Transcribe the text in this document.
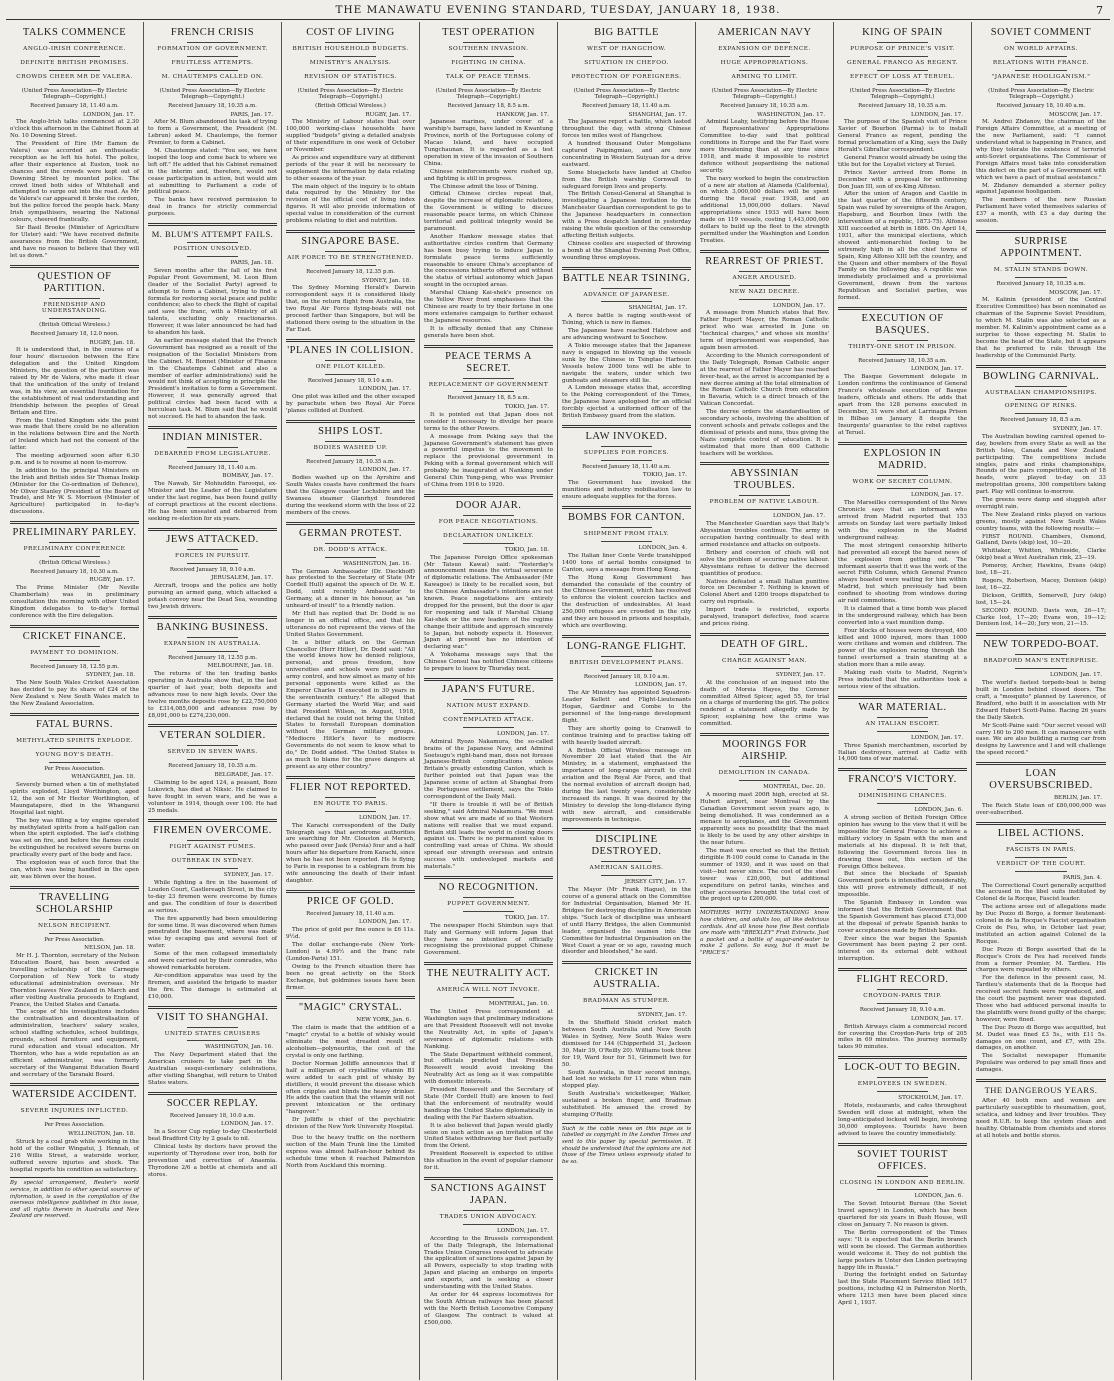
THE MANAWATU EVENING STANDARD, TUESDAY, JANUARY 18, 1938.	7
TALKS COMMENCE
ANGLO-IRISH CONFERENCE.
DEFINITE BRITISH PROMISES.
CROWDS CHEER MR DE VALERA.
(United Press Association—By Electric Telegraph—Copyright.)
Received January 18, 11.40 a.m.
LONDON, Jan. 17.

The Anglo-Irish talks commenced at 2.30 o'clock this afternoon in the Cabinet Room at No. 10 Downing Street.

The President of Eire (Mr Eamon de Valera) was accorded an enthusiastic reception as he left his hotel. The police, after their experience at Euston, took no chances and the crowds were kept out of Downing Street by mounted police. The crowd lined both sides of Whitehall and attempted to surge out into the road. As Mr de Valera's car appeared it broke the cordon, but the police forced the people back. Many Irish sympathisers, wearing the National colours, cheered frantically.

Sir Basil Brooke (Minister of Agriculture for Ulster) said: "We have received definite assurances from the British Government, and have no reason to believe that they will let us down."

QUESTION OF PARTITION.
FRIENDSHIP AND UNDERSTANDING.
(British Official Wireless.)
Received January 18, 12.0 noon.
RUGBY, Jan. 18.

It is understood that, in the course of a four hours' discussion between the Eire delegation and the United Kingdom Ministers, the question of the partition was raised by Mr de Valera, who made it clear that the unification of the unity of Ireland was, in his view, an essential foundation for the establishment of real understanding and friendship between the peoples of Great Britain and Eire.

From the United Kingdom side the point was made that there could be no alteration in the relations between Eire and the North of Ireland which had not the consent of the latter.

The meeting adjourned soon after 6.30 p.m. and is to resume at noon to-morrow.

In addition to the principal Ministers on the Irish and British sides Sir Thomas Inskip (Minister for the Co-ordination of Defence), Mr Oliver Stanley (President of the Board of Trade), and Mr W. S. Morrison (Minister of Agriculture) participated in to-day's discussions.

PRELIMINARY PARLEY.
PRELIMINARY CONFERENCE
(British Official Wireless.)
Received January 18, 10.30 a.m.
RUGBY, Jan. 17.

The Prime Minister (Mr Neville Chamberlain) was in preliminary consultation this morning with other United Kingdom delegates to to-day's formal conference with the Eire delegation.

CRICKET FINANCE.
PAYMENT TO DOMINION.
Received January 18, 12.55 p.m.
SYDNEY, Jan. 18.

The New South Wales Cricket Association has decided to pay its share of £24 of the New Zealand v. New South Wales match to the New Zealand Association.

FATAL BURNS.
METHYLATED SPIRITS EXPLODE.
YOUNG BOY'S DEATH.
Per Press Association.
WHANGAREI, Jan. 18.

Severely burned when a tin of methylated spirits exploded, Lloyd Worthington, aged 12, the son of Mr Hector Worthington, of Maungatapere, died in the Whangarei Hospital last night.

The boy was filling a toy engine operated by methylated spirits from a half-gallon can when the spirit exploded. The lad's clothing was set on fire, and before the flames could be extinguished he received severe burns on practically every part of the body and face.

The explosion was of such force that the can, which was being handled in the open air, was blown over the house.

TRAVELLING SCHOLARSHIP
NELSON RECIPIENT.
Per Press Association.
NELSON, Jan. 18.

Mr H. J. Thornton, secretary of the Nelson Education Board, has been awarded a travelling scholarship of the Carnegie Corporation of New York to study educational administration overseas. Mr Thornton leaves New Zealand in March and after visiting Australia proceeds to England, France, the United States and Canada.

The scope of his investigations includes the centralisation and decentralisation of administration, teachers' salary scales, school staffing schedules, school buildings, grounds, school furniture and equipment, rural education and visual education. Mr Thornton, who has a wide reputation as an efficient administrator, was formerly secretary of the Wanganui Education Board and secretary of the Taranaki Board.

WATERSIDE ACCIDENT.
SEVERE INJURIES INFLICTED.
Per Press Association.
WELLINGTON, Jan. 18.

Struck by a coal grab while working in the hold of the collier Wingatui, J. Hennah, of 216 Willis Street, a waterside worker, suffered severe injuries and shock. The hospital reports his condition as satisfactory.

By special arrangement, Reuter's world service, in addition to other special sources of information, is used in the compilation of the overseas intelligence published in this issue, and all rights therein in Australia and New Zealand are reserved.
FRENCH CRISIS
FORMATION OF GOVERNMENT.
FRUITLESS ATTEMPTS.
M. CHAUTEMPS CALLED ON.
(United Press Association—By Electric Telegraph—Copyright.)
Received January 18, 10.35 a.m.
PARIS, Jan. 17.

After M. Blum abandoned his task of trying to form a Government, the President (M. Lebrun) asked M. Chautemps, the former Premier, to form a Cabinet.

M. Chautemps stated: "You see, we have looped the loop and come back to where we left off." He added that his Cabinet remained in the interim and, therefore, would not cease participation in action, but would aim at submitting to Parliament a code of political peace.

The banks have received permission to deal in francs for strictly commercial purposes.

M. BLUM'S ATTEMPT FAILS.
POSITION UNSOLVED.
PARIS, Jan. 18.

Seven months after the fall of his first Popular Front Government, M. Leon Blum (leader of the Socialist Party) agreed to attempt to form a Cabinet, trying to find a formula for restoring social peace and public confidence; also to check the flight of capital and save the franc, with a Ministry of all talents, excluding only reactionaries. However, it was later announced he had had to abandon his task.

An earlier message stated that the French Government has resigned as a result of the resignation of the Socialist Ministers from the Cabinet. M. Bonnet (Minister of Finance in the Chautemps Cabinet and also a member of earlier administrations) said he would not think of accepting in principle the President's invitation to form a Government. However, it was generally agreed that political circles had been faced with a herculean task. M. Blum said that he would not succeed. He had to abandon the task.

INDIAN MINISTER.
DEBARRED FROM LEGISLATURE.
Received January 18, 11.40 a.m.
BOMBAY, Jan. 17.

The Nawab, Sir Mohiuddin Farooqui, ex-Minister and the Leader of the Legislature under the last regime, has been found guilty of corrupt practices at the recent elections. He has been unseated and debarred from seeking re-election for six years.

JEWS ATTACKED.
FORCES IN PURSUIT.
Received January 18, 9.10 a.m.
JERUSALEM, Jan. 17.

Aircraft, troops and the police are hotly pursuing an armed gang, which attacked a potash convoy near the Dead Sea, wounding two Jewish drivers.

BANKING BUSINESS.
EXPANSION IN AUSTRALIA.
Received January 18, 12.55 p.m.
MELBOURNE, Jan. 18.

The returns of the ten trading banks operating in Australia show that, in the last quarter of last year, both deposits and advances rose to new high levels. Over the twelve months deposits rose by £22,750,000 to £314,085,000 and advances rose by £8,091,000 to £274,230,000.

VETERAN SOLDIER.
SERVED IN SEVEN WARS.
Received January 18, 10.35 a.m.
BELGRADE, Jan. 17.

Claiming to be aged 124, a peasant, Bozo Lukovich, has died at Niksic. He claimed to have fought in seven wars, and he was a volunteer in 1914, though over 100. He had 25 medals.

FIREMEN OVERCOME.
FIGHT AGAINST FUMES.
OUTBREAK IN SYDNEY.
SYDNEY, Jan. 17.

While fighting a fire in the basement of Louden Court, Castlereagh Street, in the city to-day 23 firemen were overcome by fumes and gas. The condition of four is described as serious.

The fire apparently had been smouldering for some time. It was discovered when fumes penetrated the basement, where was made wise by escaping gas and several feet of water.

Some of the men collapsed immediately and were carried out by their comrades, who showed remarkable heroism.

Air-condition apparatus was used by the firemen, and assisted the brigade to master the fire. The damage is estimated at £10,000.

VISIT TO SHANGHAI.
UNITED STATES CRUISERS
WASHINGTON, Jan. 16.

The Navy Department stated that the American cruisers to take part in the Australian sesqui-centenary celebrations, after visiting Shanghai, will return to United States waters.

SOCCER REPLAY.
Received January 18, 10.0 a.m.
LONDON, Jan. 17.

In a Soccer Cup replay to-day Chesterfield beat Bradford City by 2 goals to nil.

Clinical tests by doctors have proved the superiority of Thyrodone over iron, both for prevention and correction of Anaemia. Thyrodone 2/6 a bottle at chemists and all stores.

COST OF LIVING
BRITISH HOUSEHOLD BUDGETS.
MINISTRY'S ANALYSIS.
REVISION OF STATISTICS.
(United Press Association—By Electric Telegraph—Copyright.)
(British Official Wireless.)
RUGBY, Jan. 17.

The Ministry of Labour states that over 100,000 working-class households have supplied "budgets" giving a detailed analysis of their expenditure in one week of October or November.

As prices and expenditure vary at different periods of the year it will be necessary to supplement the information by data relating to other seasons of the year.

The main object of the inquiry is to obtain data required by the Ministry for the revision of the official cost of living index figures. It will also provide information of special value in consideration of the current problems relating to diet and nutrition.

SINGAPORE BASE.
AIR FORCE TO BE STRENGTHENED.
Received January 18, 12.35 p.m.
SYDNEY, Jan. 18.

The Sydney Morning Herald's Darwin correspondent says it is considered likely that, on the return flight from Australia, the two Royal Air Force flying-boats will not proceed farther than Singapore, but will be stationed there owing to the situation in the Far East.

'PLANES IN COLLISION.
ONE PILOT KILLED.
Received January 18, 9.10 a.m.
LONDON, Jan. 17.

One pilot was killed and the other escaped by parachute when two Royal Air Force 'planes collided at Duxford.

SHIPS LOST.
BODIES WASHED UP.
Received January 18, 10.35 a.m.
LONDON, Jan. 17.

Bodies washed up on the Ayrshire and South Wales coasts have confirmed the fears that the Glasgow coaster Lochshire and the Swansea steamer Glanrhyd foundered during the weekend storm with the loss of 22 members of the crews.

GERMAN PROTEST.
DR. DODD'S ATTACK.
WASHINGTON, Jan. 16.

The German Ambassador (Dr. Dieckhoff) has protested to the Secretary of State (Mr Cordell Hull) against the speech of Dr. W. E. Dodd, until recently Ambassador to Germany, at a dinner in his honour, as "an unheard-of insult" to a friendly nation.

Mr Hull has replied that Dr. Dodd is no longer in an official office, and that his utterances do not represent the views of the United States Government.

In a bitter attack on the German Chancellor (Herr Hitler), Dr. Dodd said: "All the world knows how he denied religious, personal, and press freedom, how universities and schools were put under army control, and how almost as many of his personal opponents were killed as the Emperor Charles II executed in 30 years in the seventeenth century." He alleged that Germany started the World War, and said that President Wilson, in August, 1918, declared that he could not bring the United States to forestall European domination without the German military groups. "Mediocre Hitler's favor to mediocre Governments do not seem to know what to do," Dr. Dodd added. "The United States is as much to blame for the grave dangers at present as any other country."

FLIER NOT REPORTED.
EN ROUTE TO PARIS.
LONDON, Jan. 17.

The Karachi correspondent of the Daily Telegraph says that aerodrome authorities are searching for Mr. Clouston at Mersch, who passed over Jask (Persia) four and a half hours after his departure from Karachi, since when he has not been reported. He is flying to Paris in response to a cablegram from his wife announcing the death of their infant daughter.

PRICE OF GOLD.
Received January 18, 11.40 a.m.
LONDON, Jan. 17.

The price of gold per fine ounce is £6 11s. 9½d.

The dollar exchange-rate (New York-London) is 4.99½ and the franc rate (London-Paris) 151.

Owing to the French situation there has been no great activity on the Stock Exchange, but goldmines issues have been firmer.

"MAGIC" CRYSTAL.
NEW YORK, Jan. 6.

The claim is made that the addition of a "magic" crystal to a bottle of whisky would eliminate the most dreaded result of alcoholism—polyneuritis, the cost of the crystal is only one farthing.

Doctor Norman Jolliffe announces that if half a milligram of crystalline vitamin B1 were added to each pint of whisky by distillers, it would prevent the disease which often cripples and blinds the heavy drinker. He adds the caution that the vitamin will not prevent intoxication or the ordinary "hangover."

Dr Jolliffe is chief of the psychiatric division of the New York University Hospital.

Due to the heavy traffic on the northern section of the Main Trunk line the Limited express was almost half-an-hour behind its schedule time when it reached Palmerston North from Auckland this morning.

TEST OPERATION
SOUTHERN INVASION.
FIGHTING IN CHINA.
TALK OF PEACE TERMS.
(United Press Association—By Electric Telegraph—Copyright.)
Received January 18, 8.5 a.m.
HANKOW, Jan. 17.

Japanese marines, under cover of a warship's barrage, have landed in Kwantung Province, north of the Portuguese colony of Macao Island, and have occupied Tungchaunan. It is regarded as a test operation in view of the invasion of Southern China.

Chinese reinforcements were rushed up, and fighting is still in progress.

The Chinese admit the loss of Tsining.

Official Chinese circles repeat that, despite the increase of diplomatic relations, the Government is willing to discuss reasonable peace terms, on which Chinese territorial and political integrity would be paramount.

Another Hankow message states that authoritative circles confirm that Germany has been busy trying to induce Japan to formulate peace terms sufficiently reasonable to ensure China's acceptance of the concessions hitherto offered and without the status of virtual autonomy which Japan sought in the occupied areas.

Marshal Chiang Kai-shek's presence on the Yellow River front emphasises that the Chinese are ready to try their fortune in one more extensive campaign to further exhaust the Japanese resources.

It is officially denied that any Chinese generals have been shot.

PEACE TERMS A SECRET.
REPLACEMENT OF GOVERNMENT
Received January 18, 8.5 a.m.
TOKIO, Jan. 17.

It is pointed out that Japan does not consider it necessary to divulge her peace terms to the other Powers.

A message from Peking says that the Japanese Government's statement has given a powerful impetus to the movement to replace the provisional government in Peking with a formal government which will probably be inaugurated at Nanking under General Chin Yung-peng, who was Premier of China from 1916 to 1920.

DOOR AJAR.
FOR PEACE NEGOTIATIONS.
DECLARATION UNLIKELY.
TOKIO, Jan. 18.

The Japanese Foreign Office spokesman (Mr Tatsuo Kawai) said: "Yesterday's announcement means the virtual severance of diplomatic relations. The Ambassador (Mr Kawagoe) is likely to be recalled soon, but the Chinese Ambassador's intentions are not known. Peace negotiations are entirely dropped for the present, but the door is ajar for reopening and talk if Marshal Chiang Kai-shek or the new leaders of the regime change their attitude and approach sincerely to Japan, but nobody expects it. However, Japan at present has no intention of declaring war."

A Yokohama message says that the Chinese Consul has notified Chinese citizens to prepare to leave by Thursday next.

JAPAN'S FUTURE.
NATION MUST EXPAND.
CONTEMPLATED ATTACK.
LONDON, Jan. 17.

Admiral Ryozo Nakamura, the so-called brains of the Japanese Navy, and Admiral Soetsugu's right-hand man, does not foresee Japanese-British complications unless Britain's greatly extending Canton, which is further pointed out that Japan was the Japanese scene of action at Shanghai from the Portuguese settlement, says the Tokio correspondent of the Daily Mail.

"If there is trouble it will be of British seeking," said Admiral Nakamura. "We must show what we are made of so that Western nations will realise that we must expand. Britain still leads the world in closing doors against us. There is no permanent value in controlling vast areas of China. We should spread our strength overseas and entrain success with undeveloped markets and materials."

NO RECOGNITION.
PUPPET GOVERNMENT.
TOKIO, Jan. 17.

The newspaper Hochi Shimbun says that Italy and Germany will inform Japan that they have no intention of officially recognising the provisional puppet Chinese Government.

THE NEUTRALITY ACT.
AMERICA WILL NOT INVOKE.
MONTREAL, Jan. 16.

The United Press correspondent at Washington says that preliminary indications are that President Roosevelt will not invoke the Neutrality Act, in spite of Japan's severance of diplomatic relations with Nanking.

The State Department withheld comment, but officials predicted that President Roosevelt would avoid invoking the Neutrality Act as long as it was compatible with domestic interests.

President Roosevelt and the Secretary of State (Mr Cordell Hull) are known to feel that the enforcement of neutrality would handicap the United States diplomatically in dealing with the Far Eastern situation.

It is also believed that Japan would gladly seize on such action as an invitation of the United States withdrawing her fleet partially from the Orient.

President Roosevelt is expected to utilise this situation in the event of popular clamour for it.

SANCTIONS AGAINST JAPAN.
TRADES UNION ADVOCACY.
LONDON, Jan. 17.

According to the Brussels correspondent of the Daily Telegraph, the International Trades Union Congress resolved to advocate the application of sanctions against Japan by all Powers, especially to stop trading with Japan and placing an embargo on imports and exports, and is seeking a closer understanding with the United States.

An order for 44 express locomotives for the South African railways has been placed with the North British Locomotive Company of Glasgow. The contract is valued at £500,000.

BIG BATTLE
WEST OF HANGCHOW.
SITUATION IN CHEFOO.
PROTECTION OF FOREIGNERS.
(United Press Association—By Electric Telegraph—Copyright.)
Received January 18, 11.40 a.m.
SHANGHAI, Jan. 17.

The Japanese report a battle, which lasted throughout the day, with strong Chinese forces ten miles west of Hangchow.

A hundred thousand Outer Mongolians captured Paipingmiao, and are now concentrating in Western Suiyuan for a drive eastward.

Some bluejackets have landed at Chefoo from the British warship Cornwall to safeguard foreign lives and property.

The British Consul-General at Shanghai is investigating a Japanese invitation to the Manchester Guardian correspondent to go to the Japanese headquarters in connection with a Press despatch landed in yesterday raising the whole question of the censorship affecting British subjects.

Chinese coolies are suspected of throwing a bomb at the Shanghai Evening Post Office, wounding three employees.

BATTLE NEAR TSINING.
ADVANCE OF JAPANESE.
SHANGHAI, Jan. 17.

A fierce battle is raging south-west of Tsining, which is now in flames.

The Japanese have reached Halchow and are advancing westward to Soochow.

A Tokio message states that the Japanese navy is engaged in blowing up the vessels sunk by the Chinese in Tsingtao Harbour. Vessels below 2000 tons will be able to navigate the waters, under which two gunboats and steamers still lie.

A London message states that, according to the Peking correspondent of the Times, the Japanese have apologised for an official forcibly ejected a uniformed officer of the British Embassy guard from the station.

LAW INVOKED.
SUPPLIES FOR FORCES.
Received January 18, 11.40 a.m.
TOKIO, Jan. 17.

The Government has invoked the munitions and industry mobilisation law to ensure adequate supplies for the forces.

BOMBS FOR CANTON.
SHIPMENT FROM ITALY.
LONDON, Jan. 4.

The Italian liner Conte Verde transhipped 1400 tons of aerial bombs consigned to Canton, says a message from Hong Kong.

The Hong Kong Government has demanded the consulate of the country of the Chinese Government, which has resolved to enforce the violent coercion tactics and the destruction of undesirables. At least 250,000 refugees are crowded in the city and they are housed in prisons and hospitals, which are overflowing.

LONG-RANGE FLIGHT.
BRITISH DEVELOPMENT PLANS.
Received January 18, 9.10 a.m.
LONDON, Jan. 17.

The Air Ministry has appointed Squadron-Leader Kellett and Flight-Lieutenants Hogan, Gardiner and Combe to the personnel of the long-range development flight.

They are shortly going to Cranwell to continue training and to practise taking off with heavily loaded aircraft.

A British Official Wireless message on November 26 last stated that the Air Ministry, in a statement, emphasised the importance of long-range aircraft to civil aviation and the Royal Air Force, and that the normal evolution of aircraft design had, during the last twenty years, considerably increased its range. It was desired by the Ministry to develop the long-distance flying with new aircraft, and considerable improvements in technique.

DISCIPLINE DESTROYED.
AMERICAN SAILORS.
JERSEY CITY, Jan. 17.

The Mayor (Mr Frank Hague), in the course of a general attack on the Committee for Industrial Organisation, blamed Mr H. Bridges for destroying discipline in American ships. "Such lack of discipline was unheard of until Harry Bridges, the alien Communist leader, organised the seamen into the Committee for Industrial Organisation on the West Coast a year or so ago, causing much disorder and bloodshed," he said.

CRICKET IN AUSTRALIA.
BRADMAN AS STUMPER.
SYDNEY, Jan. 17.

In the Sheffield Shield cricket match between South Australia and New South Wales in Sydney, New South Wales were dismissed for 144 (Chipperfield 31, Jackson 30, Mair 39, O'Reilly 20). Williams took three for 19, Ward four for 51, Grimmett two for 50.

South Australia, in their second innings, had lost no wickets for 11 runs when rain stopped play.

South Australia's wicketkeeper, Walker, sustained a broken finger, and Bradman substituted. He amused the crowd by stumping O'Reilly.

Such is the cable news on this page as is labelled as copyright in the London Times and sent to this paper by special permission. It should be understood that the opinions are not those of the Times unless expressly stated to be so.
AMERICAN NAVY
EXPANSION OF DEFENCE.
HUGE APPROPRIATIONS.
ARMING TO LIMIT.
(United Press Association—By Electric Telegraph—Copyright.)
Received January 18, 10.35 a.m.
WASHINGTON, Jan. 17.

Admiral Leahy, testifying before the House of Representatives' Appropriations Committee to-day said that political conditions in Europe and the Far East were more threatening than at any time since 1918, and made it impossible to restrict defence without jeopardising the national security.

The navy worked to begin the construction of a new air station at Alameda (California), on which 3,000,000 dollars will be spent during the fiscal year. 1938, and an additional 15,000,000 dollars. Naval appropriations since 1933 will have been made on 119 vessels, costing 1,443,000,000 dollars to build up the fleet to the strength permitted under the Washington and London Treaties.

REARREST OF PRIEST.
ANGER AROUSED.
NEW NAZI DECREE.
LONDON, Jan. 17.

A message from Munich states that Rev. Father Rupert Mayer, the Roman Catholic priest who was arrested in June on "technical charges," and whose six months' term of imprisonment was suspended, has again been arrested.

According to the Munich correspondent of the Daily Telegraph, Roman Catholic anger at the rearrest of Father Mayer has reached fever-heat, as the arrest is accompanied by a new decree aiming at the total elimination of the Roman Catholic Church from education in Bavaria, which is a direct breach of the Vatican Concordat.

The decree orders the standardisation of secondary schools, involving the abolition of convent schools and private colleges and the dismissal of priests and nuns, thus giving the Nazis complete control of education. It is estimated that more than 600 Catholic teachers will be workless.

ABYSSINIAN TROUBLES.
PROBLEM OF NATIVE LABOUR.
LONDON, Jan. 17.

The Manchester Guardian says that Italy's Abyssinian troubles continue. The army in occupation having continually to deal with armed resistance and attacks on outposts.

Bribery and coercion of chiefs will not solve the problem of securing native labour. Abyssinians refuse to deliver the decreed quantities of produce.

Natives defeated a small Italian punitive force on December 7. Nothing is known of Colonel Abert and 1200 troops dispatched to carry out reprisals.

Import trade is restricted, exports paralysed, transport defective, food scarce and prices rising.

DEATH OF GIRL.
CHARGE AGAINST MAN.
SYDNEY, Jan. 17.

At the conclusion of an inquest into the death of Moreia Hayes, the Coroner committed Alfred Spicer, aged 55, for trial on a charge of murdering the girl. The police rendered a statement allegedly made by Spicer, explaining how the crime was committed.

MOORINGS FOR AIRSHIP.
DEMOLITION IN CANADA.
MONTREAL, Dec. 20.

A mooring mast 200ft high, erected at St. Hubert airport, near Montreal by the Canadian Government seven years ago, is being demolished. It was condemned as a menace to aeroplanes, and the Government apparently sees no possibility that the mast is likely to be used by any other airships in the near future.

The mast was erected so that the British dirigible R-100 could come to Canada in the summer of 1930, and it was used on that visit—but never since. The cost of the steel tower was £20,000, but additional expenditure on petrol tanks, winches and other accessories brought the total cost of the project up to £200,000.

MOTHERS WITH UNDERSTANDING know how children, and adults too, all like delicious cordials. And all know how fine Best cordials are made with "BREXLEY" Fruit Extracts. Just a packet and a bottle of sugar-and-water to make 2 gallons. So easy, but it must be "PRICE'S."
KING OF SPAIN
PURPOSE OF PRINCE'S VISIT.
GENERAL FRANCO AS REGENT.
EFFECT OF LOSS AT TERUEL.
(United Press Association—By Electric Telegraph—Copyright.)
Received January 18, 10.35 a.m.
LONDON, Jan. 17.

The purpose of the Spanish visit of Prince Xavier of Bourbon (Parma) is to install General Franco as regent, pending the formal proclamation of a King, says the Daily Herald's Gibraltar correspondent.

General Franco would already be using the title but for the Loyalist victory at Teruel.

Prince Xavier arrived from Rome in December with a proposal for enthroning Don Juan III, son of ex-King Alfonso.

After the union of Aragon and Castile in the last quarter of the fifteenth century, Spain was ruled by sovereigns of the Aragon, Hapsburg, and Bourbon lines (with the intervention of a republic, 1873-75). Alfonso XIII succeeded at birth in 1886. On April 14, 1931, after the municipal elections, which showed anti-monarchist feeling to be extremely high in all the chief towns of Spain, King Alfonso XIII left the country, and the Queen and other members of the Royal Family on the following day. A republic was immediately proclaimed and a provisional Government, drawn from the various Republican and Socialist parties, was formed.

EXECUTION OF BASQUES.
THIRTY-ONE SHOT IN PRISON.
Received January 18, 10.35 a.m.
LONDON, Jan. 17.

The Basque Government delegate in London confirms the continuance of General Franco's wholesale execution of Basque leaders, officials and others. He adds that apart from the 128 persons executed in December, 31 were shot at Larrinaga Prison in Bilbao on January 8 despite the Insurgents' guarantee to the rebel captives at Teruel.

EXPLOSION IN MADRID.
WORK OF SECRET COLUMN.
LONDON, Jan. 17.

The Marseilles correspondent of the News Chronicle says that an informant who arrived from Madrid reported that 153 arrests on Sunday last were partially linked with the explosion in the Madrid underground railway.

The most stringent censorship hitherto had prevented all except the barest news of the explosion from getting out. The informant asserts that it was the work of the secret Fifth Column, which General Franco always boasted were waiting for him within Madrid, but which previously had been confined to shooting from windows during air raid commotions.

It is claimed that a time bomb was placed in the underground railway, which has been converted into a vast munition dump.

Four blocks of houses were destroyed, 400 killed and 1000 injured, more than 1000 were civilians and women and children. The power of the explosion racing through the tunnel overturned a train standing at a station more than a mile away.

Making rash visits to Madrid, Negrin's Press inducted that the authorities took a serious view of the situation.

WAR MATERIAL.
AN ITALIAN ESCORT.
LONDON, Jan. 17.

Three Spanish merchantmen, escorted by Italian destroyers, arrived at Cadiz with 14,000 tons of war material.

FRANCO'S VICTORY.
DIMINISHING CHANCES.
LONDON, Jan. 6.

A strong section of British Foreign Office opinion has swung to the view that it will be impossible for General Franco to achieve a military victory in Spain with the men and materials at his disposal. It is felt that, following the Government forces lies in drawing these out, this section of the Foreign Office believes.

But since the blockade of Spanish Government ports is intensified considerably, this will prove extremely difficult, if not impossible.

The Spanish Embassy in London was informed that the British Government that the Spanish Government has placed £73,000 at the disposal of private Spanish banks to cover acceptances made by British banks.

Ever since the war began the Spanish Government has been paying 2 per cent. interest on its external debt without interruption.

FLIGHT RECORD.
CROYDON-PARIS TRIP.
Received January 18, 9.10 a.m.
LONDON, Jan. 17.

British Airways claim a commercial record for covering the Croydon-Paris trip of 205 miles in 69 minutes. The journey normally takes 90 minutes.

LOCK-OUT TO BEGIN.
EMPLOYEES IN SWEDEN.
STOCKHOLM, Jan. 17.

Hotels, restaurants, and cafes throughout Sweden will close at midnight, when the long-anticipated lockout will begin, involving 30,000 employees. Tourists have been advised to leave the country immediately.

SOVIET TOURIST OFFICES.
CLOSING IN LONDON AND BERLIN.
LONDON, Jan. 6.

The Soviet Intourist Bureau (the Soviet travel agency) in London, which has been quartered for six years in Bush House, will close on January 7. No reason is given.

The Berlin correspondent of the Times says: "It is expected that the Berlin branch will soon be closed. The German authorities would welcome it. They do not publish the large posters in Unter den Linden portraying happy life in Russia."

During the fortnight ended on Saturday last the State Placement Service filled 1617 positions, including 42 in Palmerston North, where 1213 men have been placed since April 1, 1937.

SOVIET COMMENT
ON WORLD AFFAIRS.
RELATIONS WITH FRANCE.
"JAPANESE HOOLIGANISM."
(United Press Association—By Electric Telegraph—Copyright.)
Received January 18, 10.40 a.m.
MOSCOW, Jan. 17.

M. Andrei Zhdanov, the chairman of the Foreign Affairs Committee, at a meeting of the new Parliament, said: "I cannot understand what is happening in France, and why they tolerate the existence of terrorist anti-Soviet organisations. The Commissar of Foreign Affairs must take into consideration this defect on the part of a Government with which we have a pact of mutual assistance."

M. Zhdanov demanded a sterner policy against Japanese hooliganism.

The members of the new Russian Parliament have voted themselves salaries of £37 a month, with £3 a day during the session.

SURPRISE APPOINTMENT.
M. STALIN STANDS DOWN.
Received January 18, 10.35 a.m.
MOSCOW, Jan. 17.

M. Kalinin (president of the Central Executive Committee) has been nominated as chairman of the Supreme Soviet Presidium, to which M. Stalin was also selected as a member. M. Kalinin's appointment came as a surprise to those expecting M. Stalin to become the head of the State, but it appears that he preferred to rule through the leadership of the Communist Party.

BOWLING CARNIVAL.
AUSTRALIAN CHAMPIONSHIPS.
OPENING OF RINKS.
Received January 18, 8.5 a.m.
SYDNEY, Jan. 17.

The Australian bowling carnival opened to-day, bowlers from every State as well as the British Isles, Canada and New Zealand participating. The competitions include singles, pairs and rinks championships, Rounds of the pairs competition, each of 18 heads, were played to-day on 33 metropolitan greens, 300 competitors taking part. Play will continue to-morrow.

The greens were damp and sluggish after overnight rain.

The New Zealand rinks played on various greens, mostly against New South Wales country teams, with the following results:—

FIRST ROUND. Chambers, Osmond, Galland, Davis (skip) lost, 10—20.

Whittaker, Whitten, Whiteside, Clarke (skip) beat a West Australian rink, 23—19.

Pomeroy, Archer, Hawkins, Evans (skip) lost, 18—21.

Rogers, Robertson, Macey, Denison (skip) lost, 16—22.

Dickson, Griffith, Somervell, Jury (skip) lost, 15—24.

SECOND ROUND. Davis won, 26—17; Clarke lost, 17—20; Evans won, 19—12; Denison lost, 14—20; Jury won, 21—15.

NEW TORPEDO-BOAT.
BRADFORD MAN'S ENTERPRISE.
LONDON, Jan. 17.

The world's fastest torpedo-boat is being built in London behind closed doors. The craft, a "mosquito" planned by Lawrence, of Bradford, who built it in association with Mr Edward Hubert Scott-Paine. Racing 26 years the Daily Sketch.

Mr Scott-Paine said: "Our secret vessel will carry 160 to 200 men. It can manoeuvre with ease. We are also building a racing car from designs by Lawrence and I and will challenge the speed record."

LOAN OVERSUBSCRIBED.
BERLIN, Jan. 17.

The Reich State loan of £80,000,000 was over-subscribed.

LIBEL ACTIONS.
FASCISTS IN PARIS.
VERDICT OF THE COURT.
PARIS, Jan. 4.

The Correctional Court generally acquitted the accused in the libel suits instituted by Colonel de la Rocque, Fascist leader.

The actions arose out of allegations made by Duc Pozzo di Borgo, a former lieutenant-colonel in de la Rocque's Fascist organisation Croix de Feu, who, in October last year, instituted an action against Colonel de la Rocque.

Duc Pozzo di Borgo asserted that de la Rocque's Croix de Feu had received funds from a former Premier, M. Tardieu. His charges were repeated by others.

For the defence in the present case, M. Tardieu's statements that de la Rocque had received secret funds were reproduced, and the court the payment never was disputed. Those who had adduced personal insults to the plaintiffs were found guilty of the charge; however, were fined.

The Duc Pozzo di Borgo was acquitted, but M. Dudet was fined £3 5s., with £11 5s. damages on one count, and £7, with 25s. damages, on another.

The Socialist newspaper Humanite Populaire was ordered to pay small fines and damages.

THE DANGEROUS YEARS.

After 40 both men and women are particularly susceptible to rheumatism, gout, sciatica, and kidney and liver troubles. They need R.U.R. to keep the system clean and healthy. Obtainable from chemists and stores at all hotels and bottle stores.
